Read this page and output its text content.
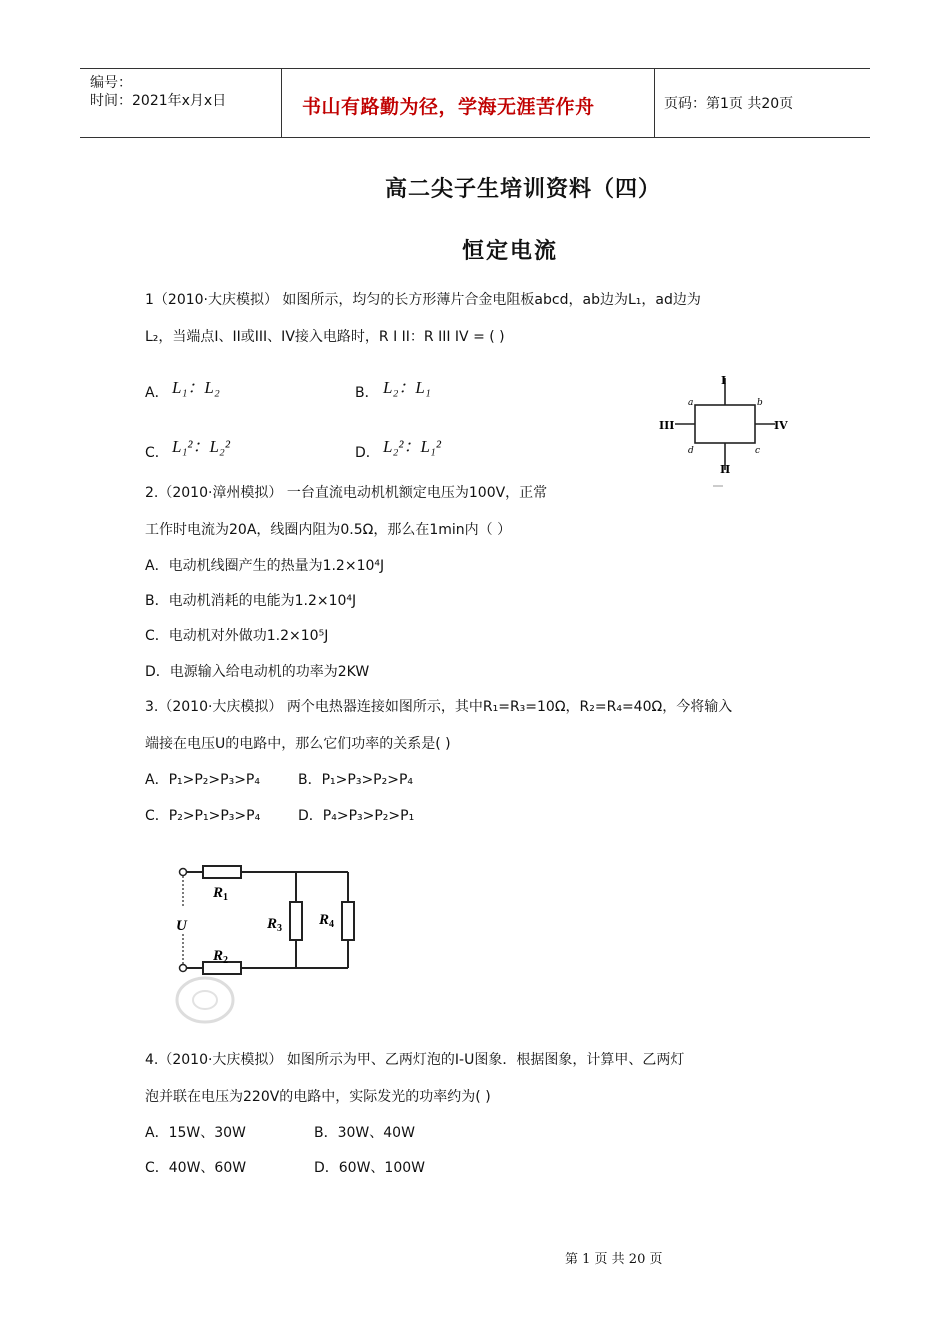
编号：
时间：2021年x月x日	书山有路勤为径，学海无涯苦作舟	页码：第1页 共20页
高二尖子生培训资料（四）
恒定电流
1（2010·大庆模拟） 如图所示，均匀的长方形薄片合金电阻板abcd，ab边为L₁，ad边为
L₂，当端点I、II或III、IV接入电路时，R I II：R III IV = ( )
A． L₁：L₂	B． L₂：L₁
C． L₁²：L₂²	D． L₂²：L₁²
I
II
III	IV
a	b
c
d
2.（2010·漳州模拟） 一台直流电动机机额定电压为100V，正常
工作时电流为20A，线圈内阻为0.5Ω，那么在1min内（ ）
A．电动机线圈产生的热量为1.2×10⁴J
B．电动机消耗的电能为1.2×10⁴J
C．电动机对外做功1.2×10⁵J
D．电源输入给电动机的功率为2KW
3.（2010·大庆模拟） 两个电热器连接如图所示，其中R₁=R₃=10Ω，R₂=R₄=40Ω，今将输入
端接在电压U的电路中，那么它们功率的关系是( )
A．P₁>P₂>P₃>P₄	B．P₁>P₃>P₂>P₄
C．P₂>P₁>P₃>P₄	D．P₄>P₃>P₂>P₁
U
$R_1$
$R_2$
$R_3$
$R_4$
4.（2010·大庆模拟） 如图所示为甲、乙两灯泡的I-U图象．根据图象，计算甲、乙两灯
泡并联在电压为220V的电路中，实际发光的功率约为( )
A．15W、30W	B．30W、40W
C．40W、60W	D．60W、100W
第 1 页 共 20 页
